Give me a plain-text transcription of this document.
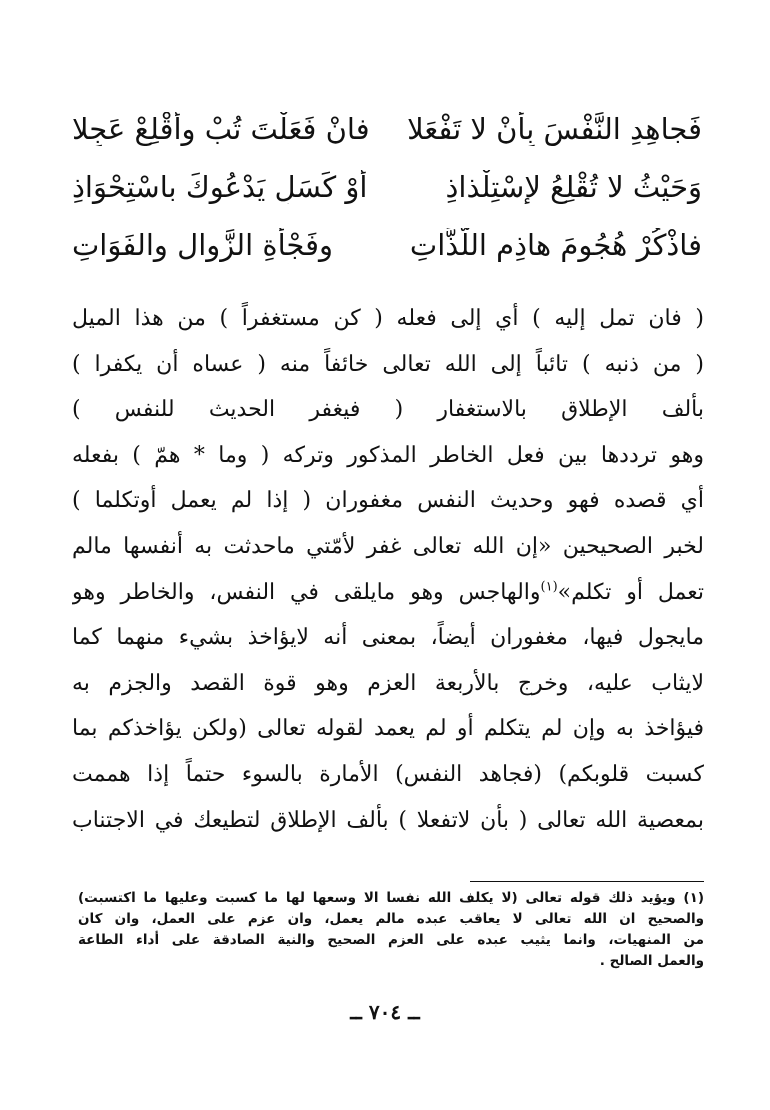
فَجاهِدِ النَّفْسَ بِأَنْ لا تَفْعَلا
فانْ فَعَلْتَ تُبْ وأَقْلِعْ عَجِلا
وَحَيْثُ لا تُقْلِعُ لإِسْتِلْذاذِ
أَوْ كَسَلٍ يَدْعُوكَ باسْتِحْوَاذِ
فاذْكُرْ هُجُومَ هاذِمِ اللَّذَّاتِ
وفَجْأَةِ الزَّوالِ والفَوَاتِ
( فان تمل إليه ) أي إلى فعله ( كن مستغفراً ) من هذا الميل
( من ذنبه ) تائباً إلى الله تعالى خائفاً منه ( عساه أن يكفرا )
بألف الإطلاق بالاستغفار ( فيغفر الحديث للنفس )
وهو ترددها بين فعل الخاطر المذكور وتركه ( وما * همّ ) بفعله
أي قصده فهو وحديث النفس مغفوران ( إذا لم يعمل أوتكلما )
لخبر الصحيحين «إن الله تعالى غفر لأمّتي ماحدثت به أنفسها مالم
تعمل أو تكلم»$^{(١)}$والهاجس وهو مايلقى في النفس، والخاطر وهو
مايجول فيها، مغفوران أيضاً، بمعنى أنه لايؤاخذ بشيء منهما كما
لايثاب عليه، وخرج بالأربعة العزم وهو قوة القصد والجزم به
فيؤاخذ به وإن لم يتكلم أو لم يعمد لقوله تعالى (ولكن يؤاخذكم بما
كسبت قلوبكم) (فجاهد النفس) الأمارة بالسوء حتماً إذا هممت
بمعصية الله تعالى ( بأن لاتفعلا ) بألف الإطلاق لتطيعك في الاجتناب
(١) ويؤيد ذلك قوله تعالى (لا يكلف الله نفسا الا وسعها لها ما كسبت وعليها ما اكتسبت)
والصحيح ان الله تعالى لا يعاقب عبده مالم يعمل، وان عزم على العمل، وان كان
من المنهيات، وانما يثيب عبده على العزم الصحيح والنية الصادقة على أداء الطاعة
والعمل الصالح .
ــ ٧٠٤ ــ
